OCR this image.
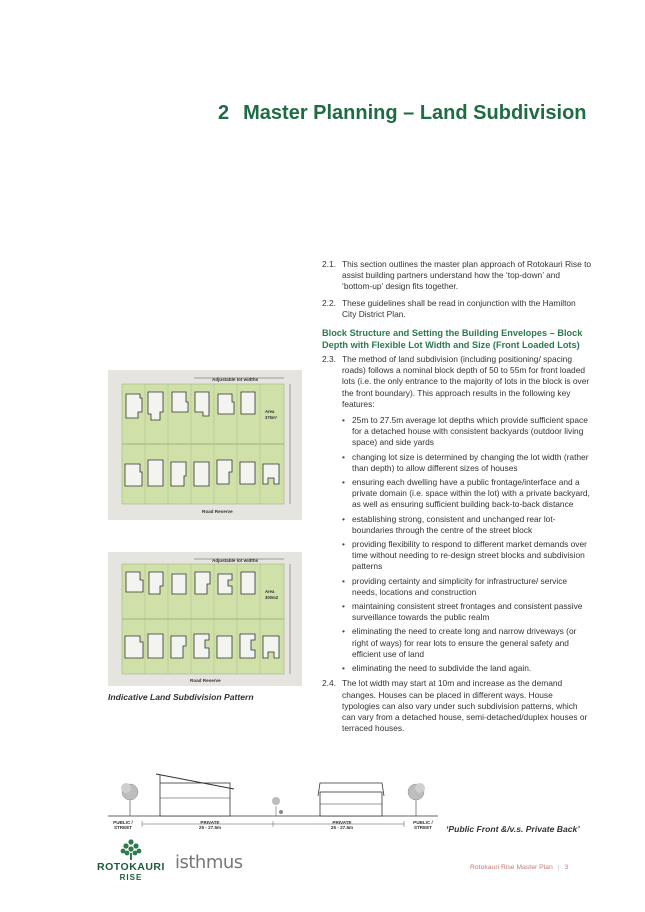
2 Master Planning – Land Subdivision
2.1. This section outlines the master plan approach of Rotokauri Rise to assist building partners understand how the ‘top-down’ and ‘bottom-up’ design fits together.
2.2. These guidelines shall be read in conjunction with the Hamilton City District Plan.
Block Structure and Setting the Building Envelopes – Block Depth with Flexible Lot Width and Size (Front Loaded Lots)
2.3. The method of land subdivision (including positioning/ spacing roads) follows a nominal block depth of 50 to 55m for front loaded lots (i.e. the only entrance to the majority of lots in the block is over the front boundary). This approach results in the following key features:
• 25m to 27.5m average lot depths which provide sufficient space for a detached house with consistent backyards (outdoor living space) and side yards
• changing lot size is determined by changing the lot width (rather than depth) to allow different sizes of houses
• ensuring each dwelling have a public frontage/interface and a private domain (i.e. space within the lot) with a private backyard, as well as ensuring sufficient building back-to-back distance
• establishing strong, consistent and unchanged rear lot-boundaries through the centre of the street block
• providing flexibility to respond to different market demands over time without needing to re-design street blocks and subdivision patterns
• providing certainty and simplicity for infrastructure/ service needs, locations and construction
• maintaining consistent street frontages and consistent passive surveillance towards the public realm
• eliminating the need to create long and narrow driveways (or right of ways) for rear lots to ensure the general safety and efficient use of land
• eliminating the need to subdivide the land again.
2.4. The lot width may start at 10m and increase as the demand changes. Houses can be placed in different ways. House typologies can also vary under such subdivision patterns, which can vary from a detached house, semi-detached/duplex houses or terraced houses.
Adjustable lot widths
Area
375m²
Road Reserve
Adjustable lot widths
Area
300m2
Road Reserve
Indicative Land Subdivision Pattern
PUBLIC /
STREET
PRIVATE
25 - 27.5m
PRIVATE
25 - 27.5m
PUBLIC /
STREET	‘Public Front &/v.s. Private Back’
ROTOKAURI
RISE
isthmus	Rotokauri Rise Master Plan | 3
